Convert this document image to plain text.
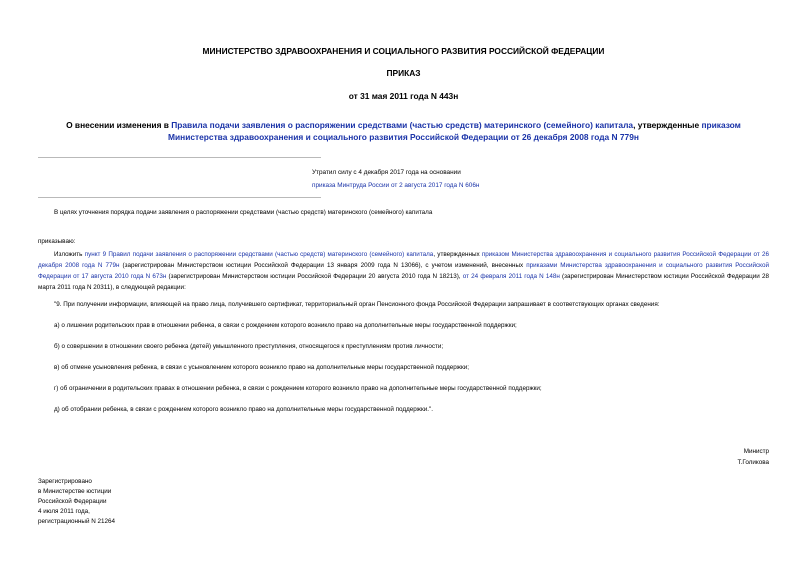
МИНИСТЕРСТВО ЗДРАВООХРАНЕНИЯ И СОЦИАЛЬНОГО РАЗВИТИЯ РОССИЙСКОЙ ФЕДЕРАЦИИ
ПРИКАЗ
от 31 мая 2011 года N 443н
О внесении изменения в Правила подачи заявления о распоряжении средствами (частью средств) материнского (семейного) капитала, утвержденные приказом Министерства здравоохранения и социального развития Российской Федерации от 26 декабря 2008 года N 779н
Утратил силу с 4 декабря 2017 года на основании
приказа Минтруда России от 2 августа 2017 года N 606н
В целях уточнения порядка подачи заявления о распоряжении средствами (частью средств) материнского (семейного) капитала
приказываю:
Изложить пункт 9 Правил подачи заявления о распоряжении средствами (частью средств) материнского (семейного) капитала, утвержденных приказом Министерства здравоохранения и социального развития Российской Федерации от 26 декабря 2008 года N 779н (зарегистрирован Министерством юстиции Российской Федерации 13 января 2009 года N 13066), с учетом изменений, внесенных приказами Министерства здравоохранения и социального развития Российской Федерации от 17 августа 2010 года N 673н (зарегистрирован Министерством юстиции Российской Федерации 20 августа 2010 года N 18213), от 24 февраля 2011 года N 148н (зарегистрирован Министерством юстиции Российской Федерации 28 марта 2011 года N 20311), в следующей редакции:
"9. При получении информации, влияющей на право лица, получившего сертификат, территориальный орган Пенсионного фонда Российской Федерации запрашивает в соответствующих органах сведения:
а) о лишении родительских прав в отношении ребенка, в связи с рождением которого возникло право на дополнительные меры государственной поддержки;
б) о совершении в отношении своего ребенка (детей) умышленного преступления, относящегося к преступлениям против личности;
в) об отмене усыновления ребенка, в связи с усыновлением которого возникло право на дополнительные меры государственной поддержки;
г) об ограничении в родительских правах в отношении ребенка, в связи с рождением которого возникло право на дополнительные меры государственной поддержки;
д) об отобрании ребенка, в связи с рождением которого возникло право на дополнительные меры государственной поддержки.".
Министр
Т.Голикова
Зарегистрировано
в Министерстве юстиции
Российской Федерации
4 июля 2011 года,
регистрационный N 21264
